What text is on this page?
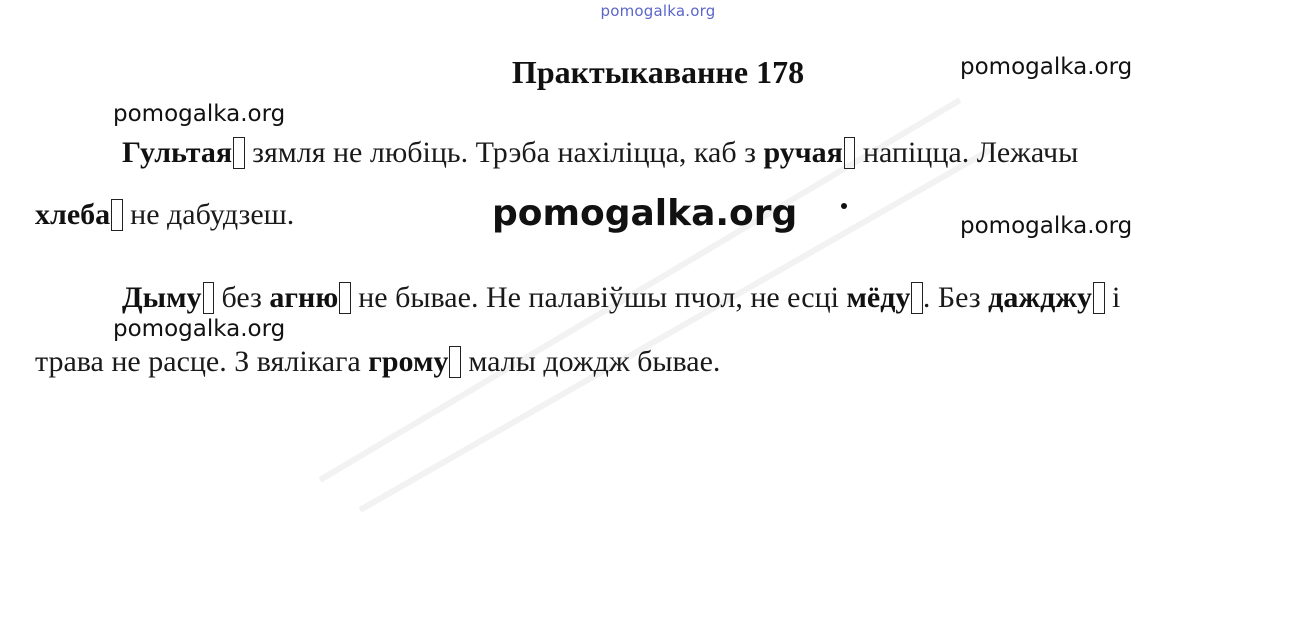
pomogalka.org
pomogalka.org
pomogalka.org
pomogalka.org
pomogalka.org
pomogalka.org
Практыкаванне 178
Гультая  зямля не любіць. Трэба нахіліцца, каб з ручая  напіцца. Лежачы
хлеба  не дабудзеш.
Дыму  без агню  не бывае. Не палавіўшы пчол, не есці мёду . Без дажджу  і
трава не расце. З вялікага грому  малы дождж бывае.
